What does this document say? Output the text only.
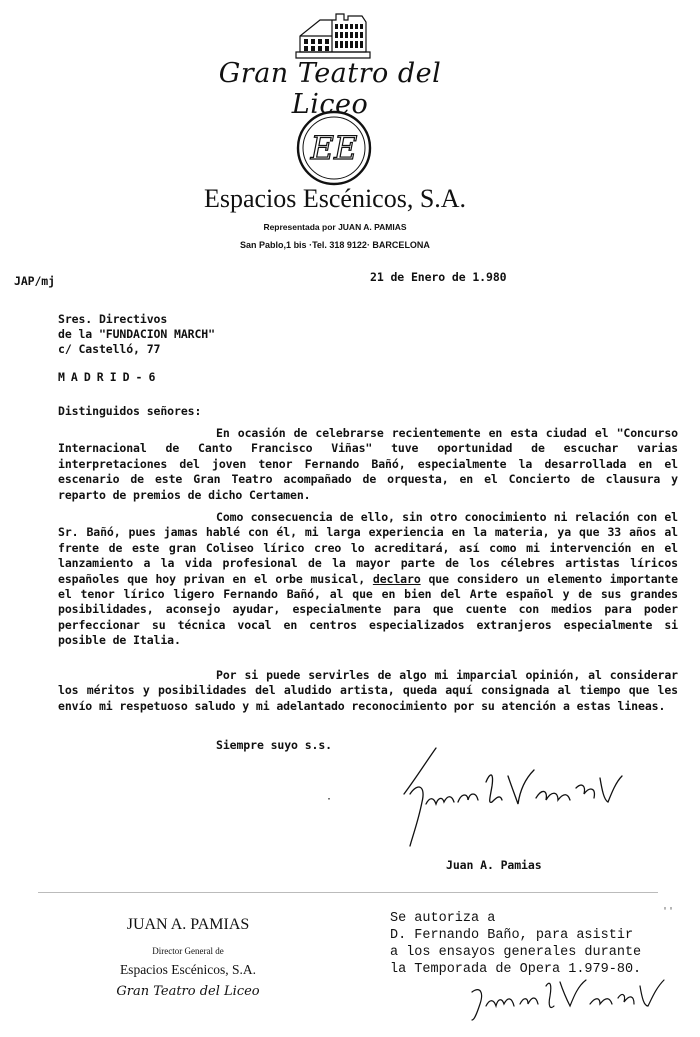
Gran Teatro del Liceo
EE
Espacios Escénicos, S.A.
Representada por JUAN A. PAMIAS
San Pablo,1 bis ·Tel. 318 9122· BARCELONA
JAP/mj	21 de Enero de 1.980
Sres. Directivos
de la "FUNDACION MARCH"
c/ Castelló, 77
MADRID-6
Distinguidos señores:

En ocasión de celebrarse recientemente en esta ciudad el "Concurso Internacional de Canto Francisco Viñas" tuve oportunidad de escuchar varias interpretaciones del joven tenor Fernando Bañó, especialmente la desarrollada en el escenario de este Gran Teatro acompañado de orquesta, en el Concierto de clausura y reparto de premios de dicho Certamen.

Como consecuencia de ello, sin otro conocimiento ni relación con el Sr. Bañó, pues jamas hablé con él, mi larga experiencia en la materia, ya que 33 años al frente de este gran Coliseo lírico creo lo acreditará, así como mi intervención en el lanzamiento a la vida profesional de la mayor parte de los célebres artistas líricos españoles que hoy privan en el orbe musical, declaro que considero un elemento importante el tenor lírico ligero Fernando Bañó, al que en bien del Arte español y de sus grandes posibilidades, aconsejo ayudar, especialmente para que cuente con medios para poder perfeccionar su técnica vocal en centros especializados extranjeros especialmente si posible de Italia.

Por si puede servirles de algo mi imparcial opinión, al considerar los méritos y posibilidades del aludido artista, queda aquí consignada al tiempo que les envío mi respetuoso saludo y mi adelantado reconocimiento por su atención a estas lineas.

Siempre suyo s.s.
·
Juan A. Pamias
JUAN A. PAMIAS
Director General de
Espacios Escénicos, S.A.
Gran Teatro del Liceo
''
Se autoriza a
D. Fernando Baño, para asistir
a los ensayos generales durante
la Temporada de Opera 1.979-80.
